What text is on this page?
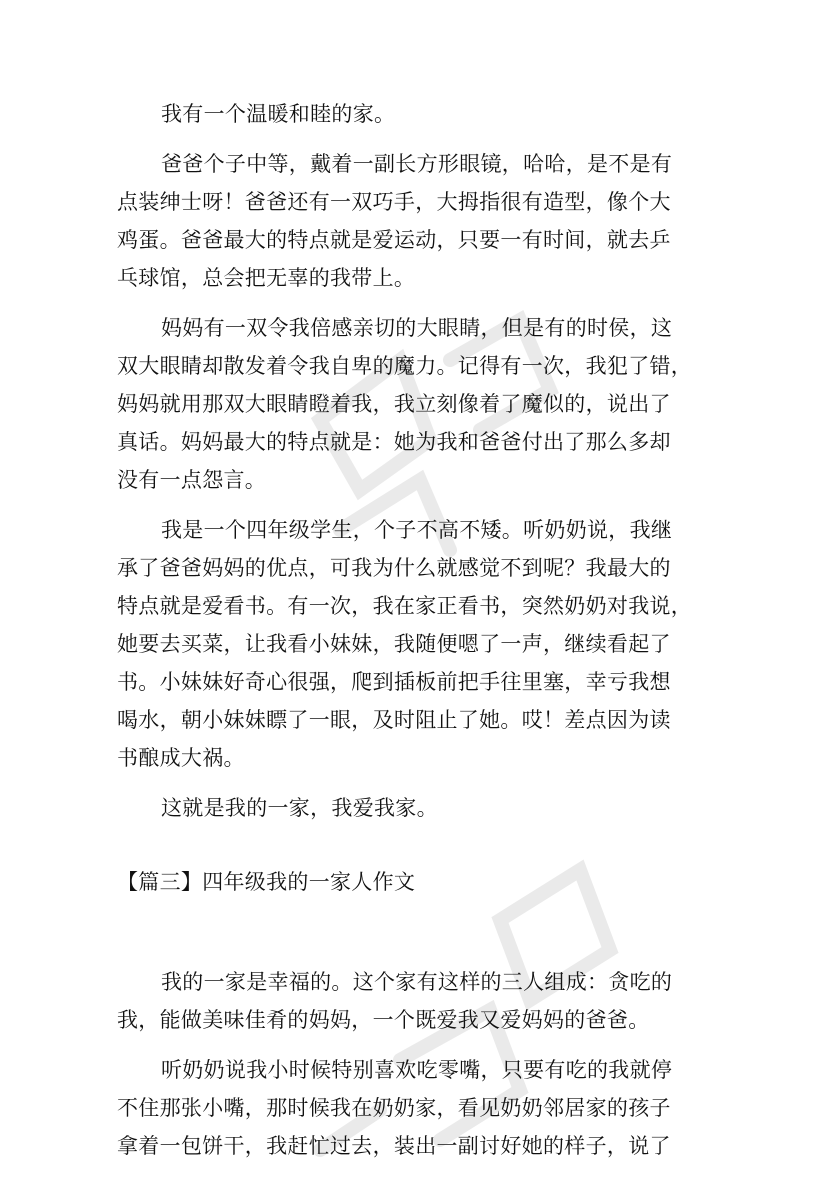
我有一个温暖和睦的家。

爸爸个子中等，戴着一副长方形眼镜，哈哈，是不是有
点装绅士呀！爸爸还有一双巧手，大拇指很有造型，像个大
鸡蛋。爸爸最大的特点就是爱运动，只要一有时间，就去乒
乓球馆，总会把无辜的我带上。

妈妈有一双令我倍感亲切的大眼睛，但是有的时侯，这
双大眼睛却散发着令我自卑的魔力。记得有一次，我犯了错，
妈妈就用那双大眼睛瞪着我，我立刻像着了魔似的，说出了
真话。妈妈最大的特点就是：她为我和爸爸付出了那么多却
没有一点怨言。

我是一个四年级学生，个子不高不矮。听奶奶说，我继
承了爸爸妈妈的优点，可我为什么就感觉不到呢？我最大的
特点就是爱看书。有一次，我在家正看书，突然奶奶对我说，
她要去买菜，让我看小妹妹，我随便嗯了一声，继续看起了
书。小妹妹好奇心很强，爬到插板前把手往里塞，幸亏我想
喝水，朝小妹妹瞟了一眼，及时阻止了她。哎！差点因为读
书酿成大祸。

这就是我的一家，我爱我家。

【篇三】四年级我的一家人作文

我的一家是幸福的。这个家有这样的三人组成：贪吃的
我，能做美味佳肴的妈妈，一个既爱我又爱妈妈的爸爸。

听奶奶说我小时候特别喜欢吃零嘴，只要有吃的我就停
不住那张小嘴，那时候我在奶奶家，看见奶奶邻居家的孩子
拿着一包饼干，我赶忙过去，装出一副讨好她的样子，说了
